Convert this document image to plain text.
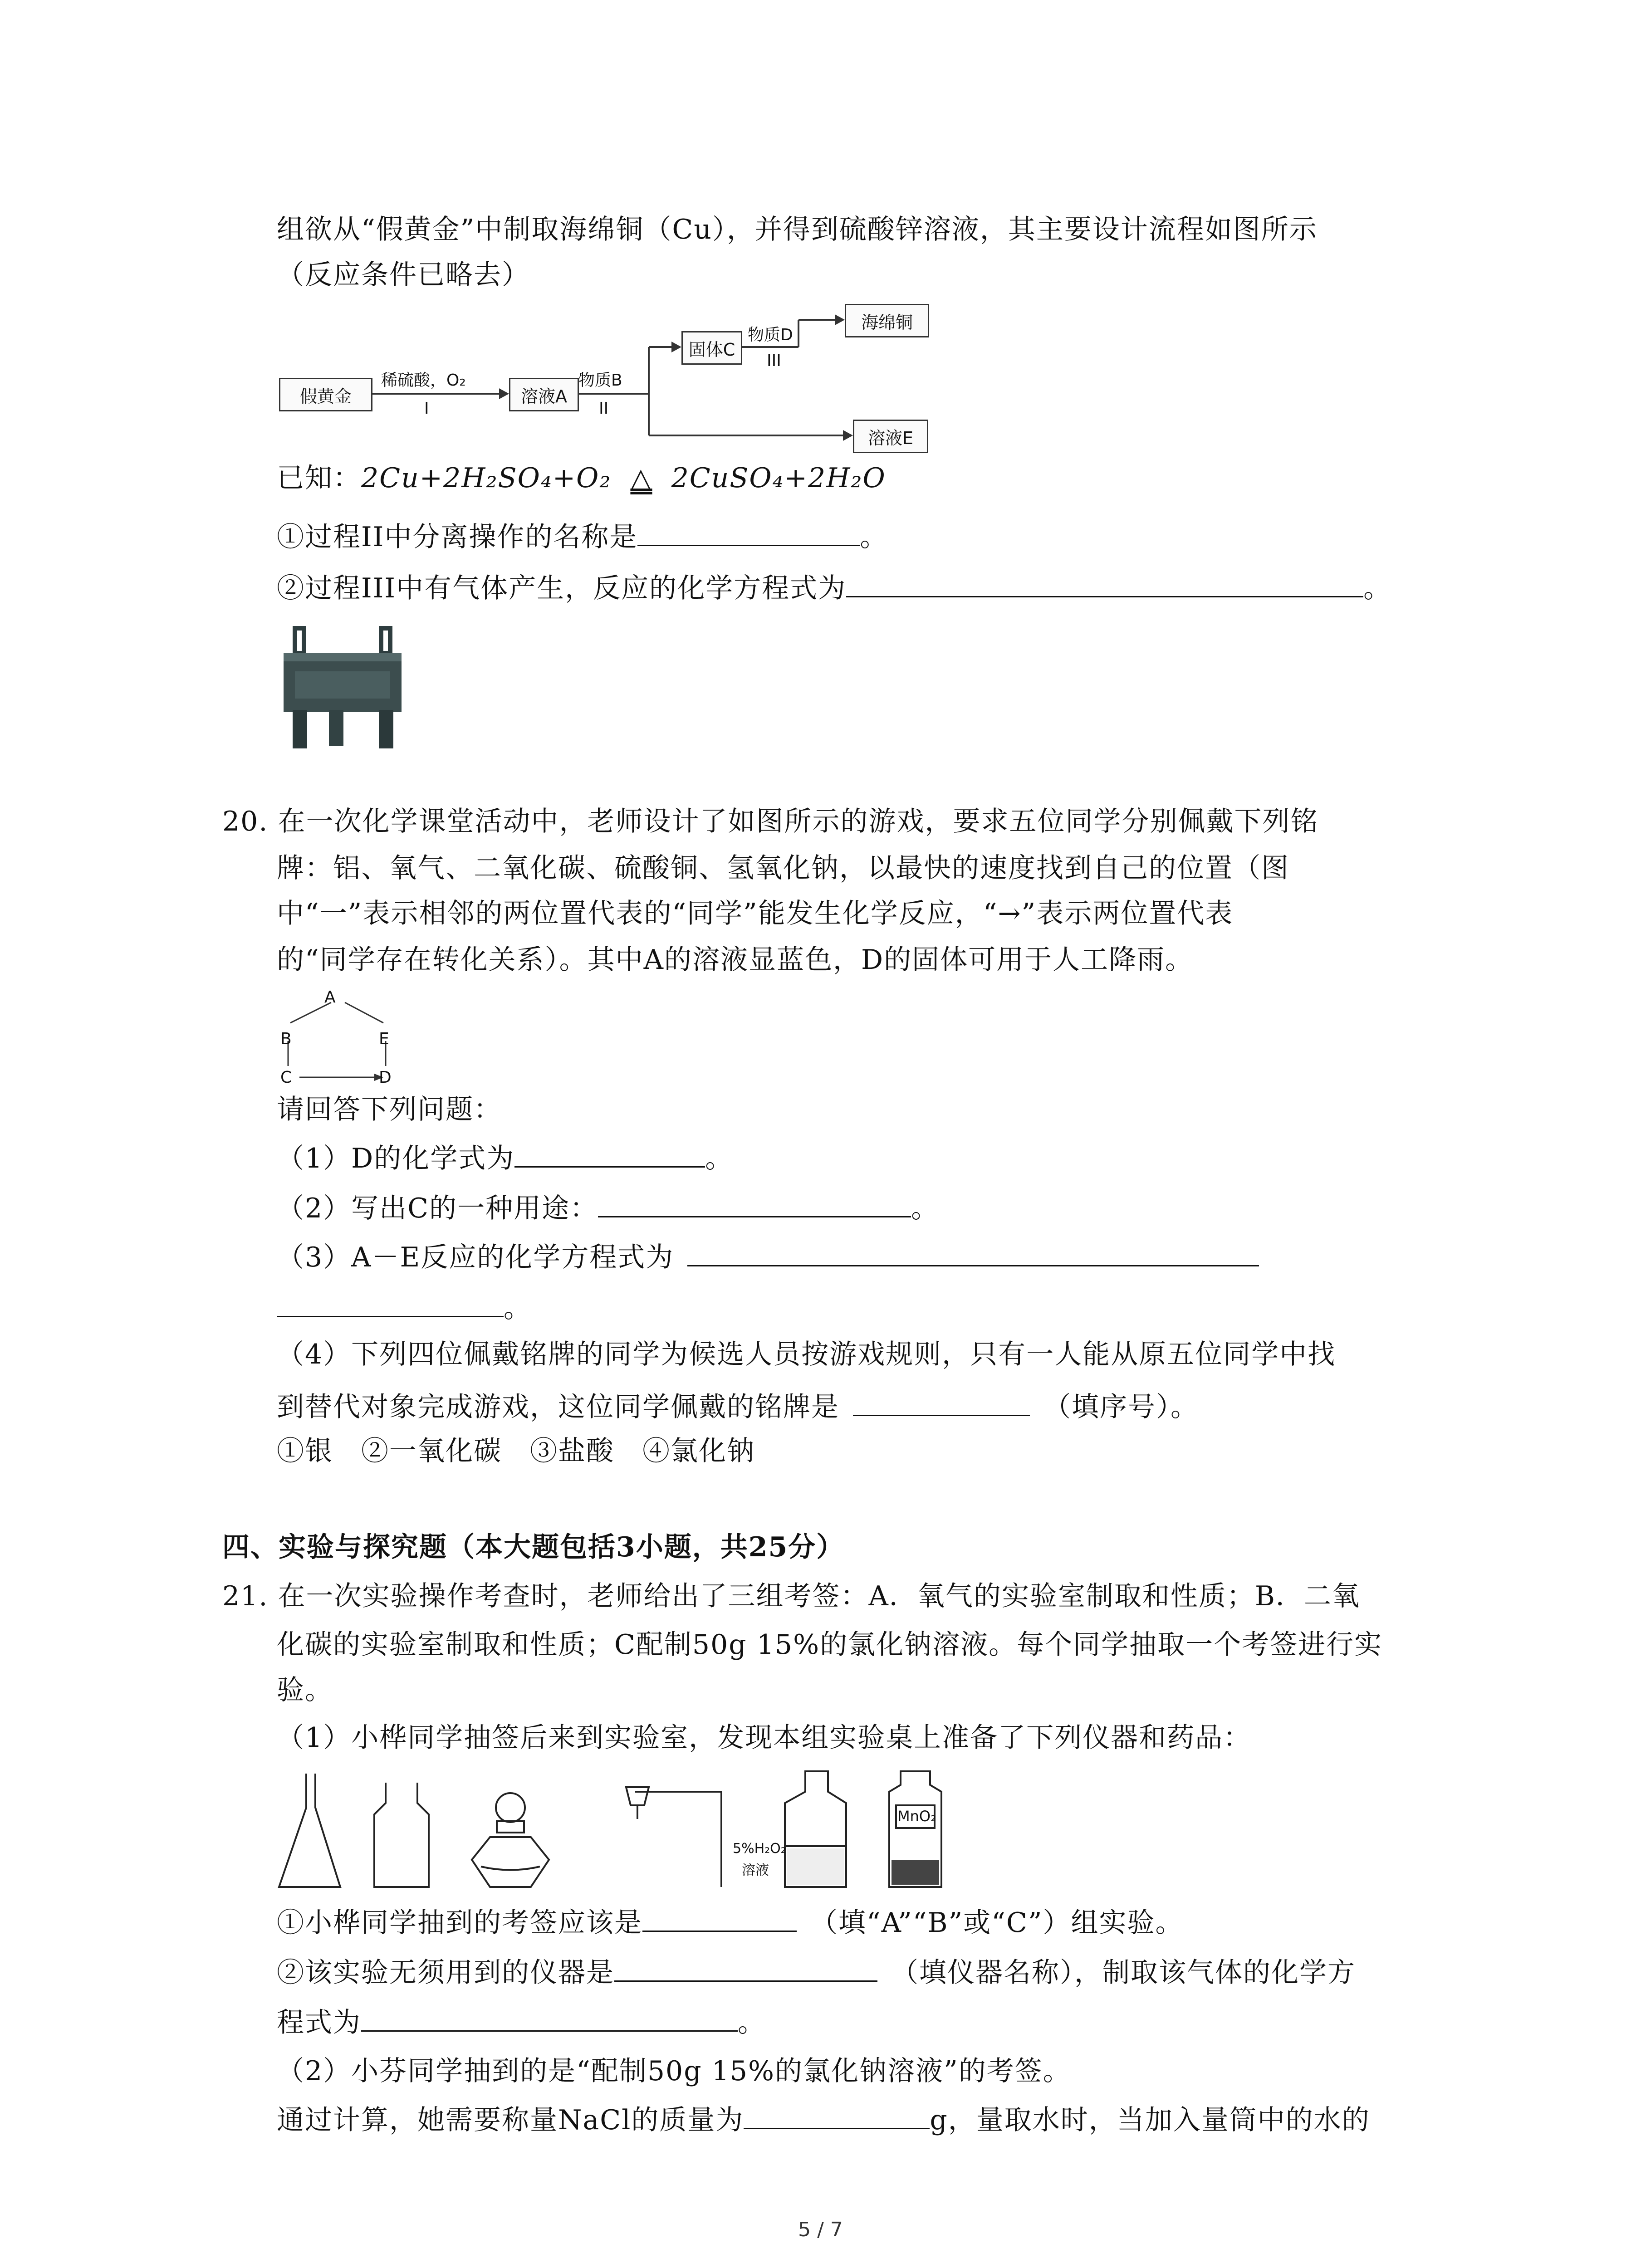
组欲从“假黄金”中制取海绵铜（Cu），并得到硫酸锌溶液，其主要设计流程如图所示
（反应条件已略去）
假黄金
稀硫酸，O₂
I
溶液A
物质B
II
固体C
物质D
III
海绵铜
溶液E
已知：2Cu+2H₂SO₄+O₂ △ 2CuSO₄+2H₂O
①过程II中分离操作的名称是	。
②过程III中有气体产生，反应的化学方程式为	。
20. 在一次化学课堂活动中，老师设计了如图所示的游戏，要求五位同学分别佩戴下列铭
牌：铝、氧气、二氧化碳、硫酸铜、氢氧化钠，以最快的速度找到自己的位置（图
中“一”表示相邻的两位置代表的“同学”能发生化学反应，“→”表示两位置代表
的“同学存在转化关系）。其中A的溶液显蓝色，D的固体可用于人工降雨。
A
B	E
C	D
请回答下列问题：
（1）D的化学式为	。
（2）写出C的一种用途：	。
（3）A－E反应的化学方程式为
。
（4）下列四位佩戴铭牌的同学为候选人员按游戏规则，只有一人能从原五位同学中找
到替代对象完成游戏，这位同学佩戴的铭牌是	（填序号）。
①银　②一氧化碳　③盐酸　④氯化钠
四、实验与探究题（本大题包括3小题，共25分）
21. 在一次实验操作考查时，老师给出了三组考签：A．氧气的实验室制取和性质；B．二氧
化碳的实验室制取和性质；C配制50g 15%的氯化钠溶液。每个同学抽取一个考签进行实
验。
（1）小桦同学抽签后来到实验室，发现本组实验桌上准备了下列仪器和药品：
5%H₂O₂
溶液
MnO₂
①小桦同学抽到的考签应该是	（填“A”“B”或“C”）组实验。
②该实验无须用到的仪器是	（填仪器名称），制取该气体的化学方
程式为	。
（2）小芬同学抽到的是“配制50g 15%的氯化钠溶液”的考签。
通过计算，她需要称量NaCl的质量为	g，量取水时，当加入量筒中的水的
5 / 7
